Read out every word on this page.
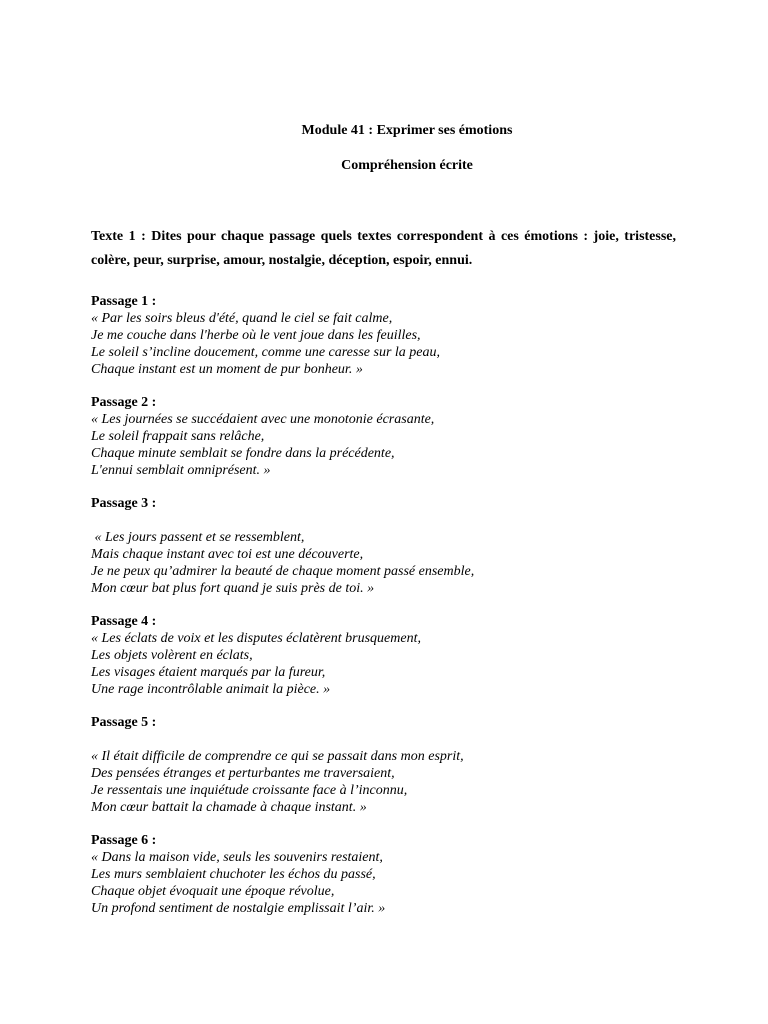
Module 41 : Exprimer ses émotions
Compréhension écrite

Texte 1 : Dites pour chaque passage quels textes correspondent à ces émotions : joie, tristesse, colère, peur, surprise, amour, nostalgie, déception, espoir, ennui.

Passage 1 :

« Par les soirs bleus d'été, quand le ciel se fait calme,
Je me couche dans l'herbe où le vent joue dans les feuilles,
Le soleil s’incline doucement, comme une caresse sur la peau,
Chaque instant est un moment de pur bonheur. »

Passage 2 :

« Les journées se succédaient avec une monotonie écrasante,
Le soleil frappait sans relâche,
Chaque minute semblait se fondre dans la précédente,
L'ennui semblait omniprésent. »

Passage 3 :

« Les jours passent et se ressemblent,
Mais chaque instant avec toi est une découverte,
Je ne peux qu’admirer la beauté de chaque moment passé ensemble,
Mon cœur bat plus fort quand je suis près de toi. »

Passage 4 :

« Les éclats de voix et les disputes éclatèrent brusquement,
Les objets volèrent en éclats,
Les visages étaient marqués par la fureur,
Une rage incontrôlable animait la pièce. »

Passage 5 :

« Il était difficile de comprendre ce qui se passait dans mon esprit,
Des pensées étranges et perturbantes me traversaient,
Je ressentais une inquiétude croissante face à l’inconnu,
Mon cœur battait la chamade à chaque instant. »

Passage 6 :

« Dans la maison vide, seuls les souvenirs restaient,
Les murs semblaient chuchoter les échos du passé,
Chaque objet évoquait une époque révolue,
Un profond sentiment de nostalgie emplissait l’air. »
